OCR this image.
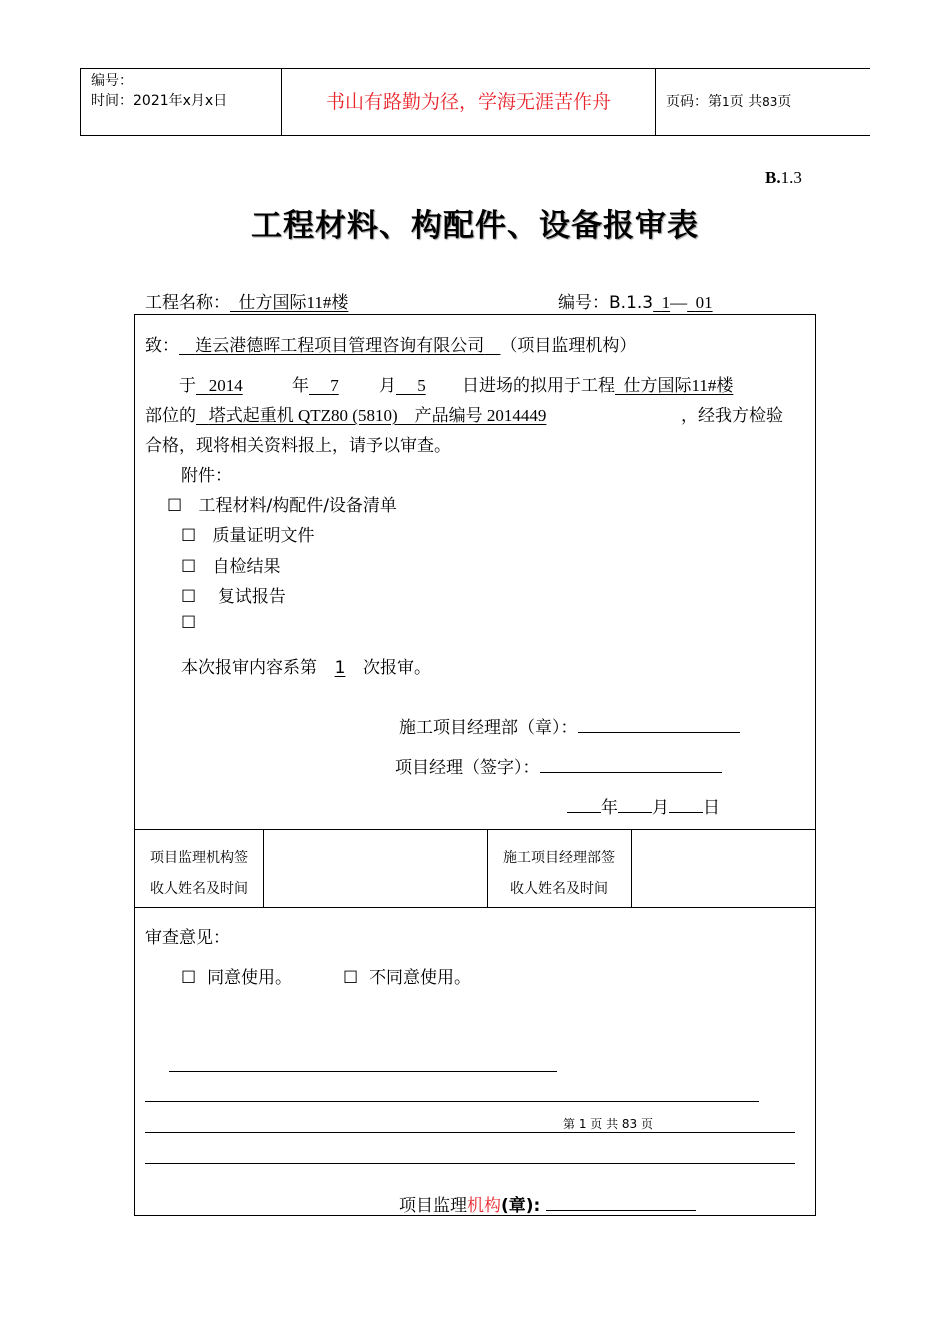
编号：
时间：2021年x月x日	书山有路勤为径，学海无涯苦作舟	页码：第1页 共83页
B.1.3
工程材料、构配件、设备报审表
工程名称： 仕方国际11#楼	编号：B.1.3 1— 01
致： 连云港德晖工程项目管理咨询有限公司 （项目监理机构）
于 2014	年 7 月 5 日进场的拟用于工程 仕方国际11#楼
部位的 塔式起重机 QTZ80 (5810) 产品编号 2014449	，经我方检验
合格，现将相关资料报上，请予以审查。
附件：
☐ 工程材料/构配件/设备清单
☐ 质量证明文件
☐ 自检结果
☐ 复试报告
☐
本次报审内容系第 1 次报审。
施工项目经理部（章）：
项目经理（签字）：
年 月 日
项目监理机构签
收人姓名及时间
施工项目经理部签
收人姓名及时间
审查意见：
☐ 同意使用。	☐ 不同意使用。
第 1 页 共 83 页
项目监理机构(章):
